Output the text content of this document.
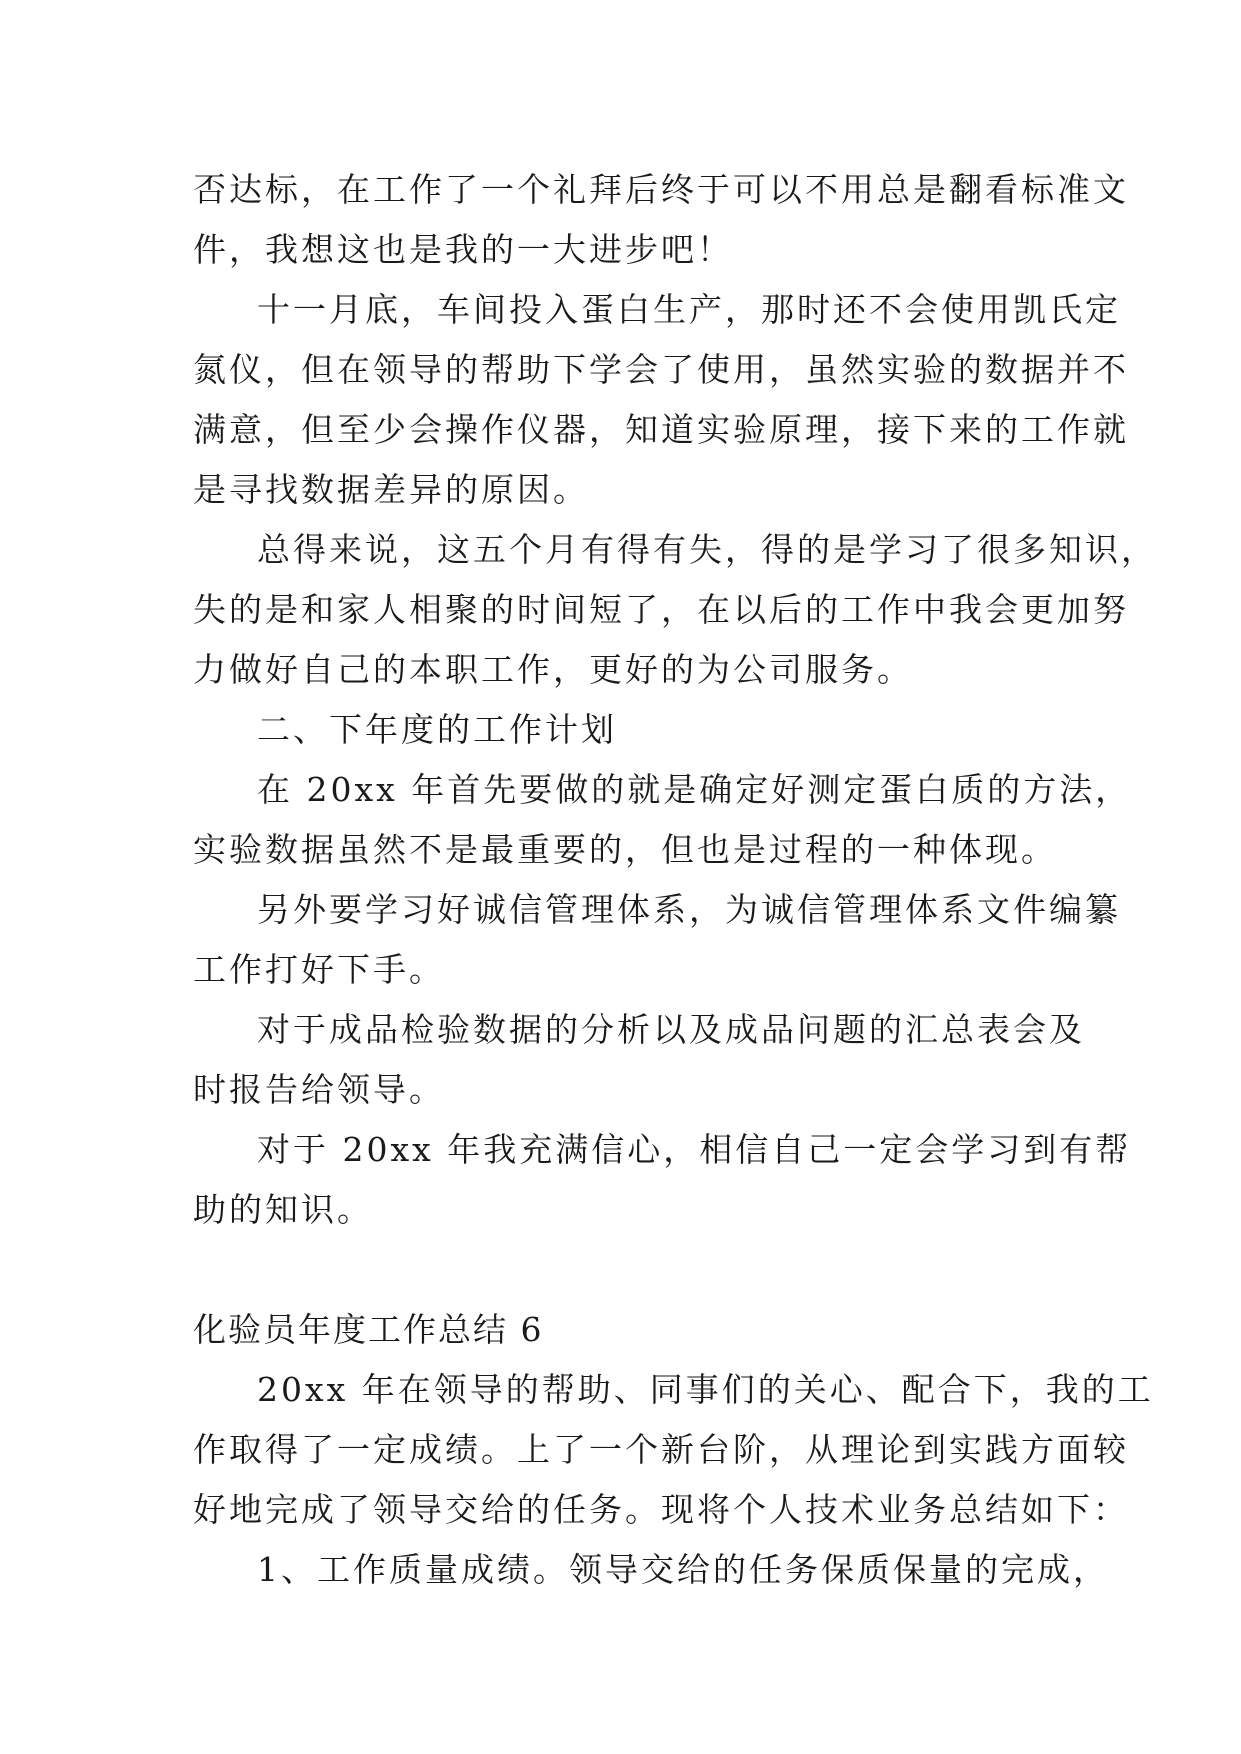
否达标，在工作了一个礼拜后终于可以不用总是翻看标准文

件，我想这也是我的一大进步吧！

十一月底，车间投入蛋白生产，那时还不会使用凯氏定

氮仪，但在领导的帮助下学会了使用，虽然实验的数据并不

满意，但至少会操作仪器，知道实验原理，接下来的工作就

是寻找数据差异的原因。

总得来说，这五个月有得有失，得的是学习了很多知识，

失的是和家人相聚的时间短了，在以后的工作中我会更加努

力做好自己的本职工作，更好的为公司服务。

二、下年度的工作计划

在 20xx 年首先要做的就是确定好测定蛋白质的方法，

实验数据虽然不是最重要的，但也是过程的一种体现。

另外要学习好诚信管理体系，为诚信管理体系文件编纂

工作打好下手。

对于成品检验数据的分析以及成品问题的汇总表会及

时报告给领导。

对于 20xx 年我充满信心，相信自己一定会学习到有帮

助的知识。

化验员年度工作总结 6

20xx 年在领导的帮助、同事们的关心、配合下，我的工

作取得了一定成绩。上了一个新台阶，从理论到实践方面较

好地完成了领导交给的任务。现将个人技术业务总结如下：

1、工作质量成绩。领导交给的任务保质保量的完成，
